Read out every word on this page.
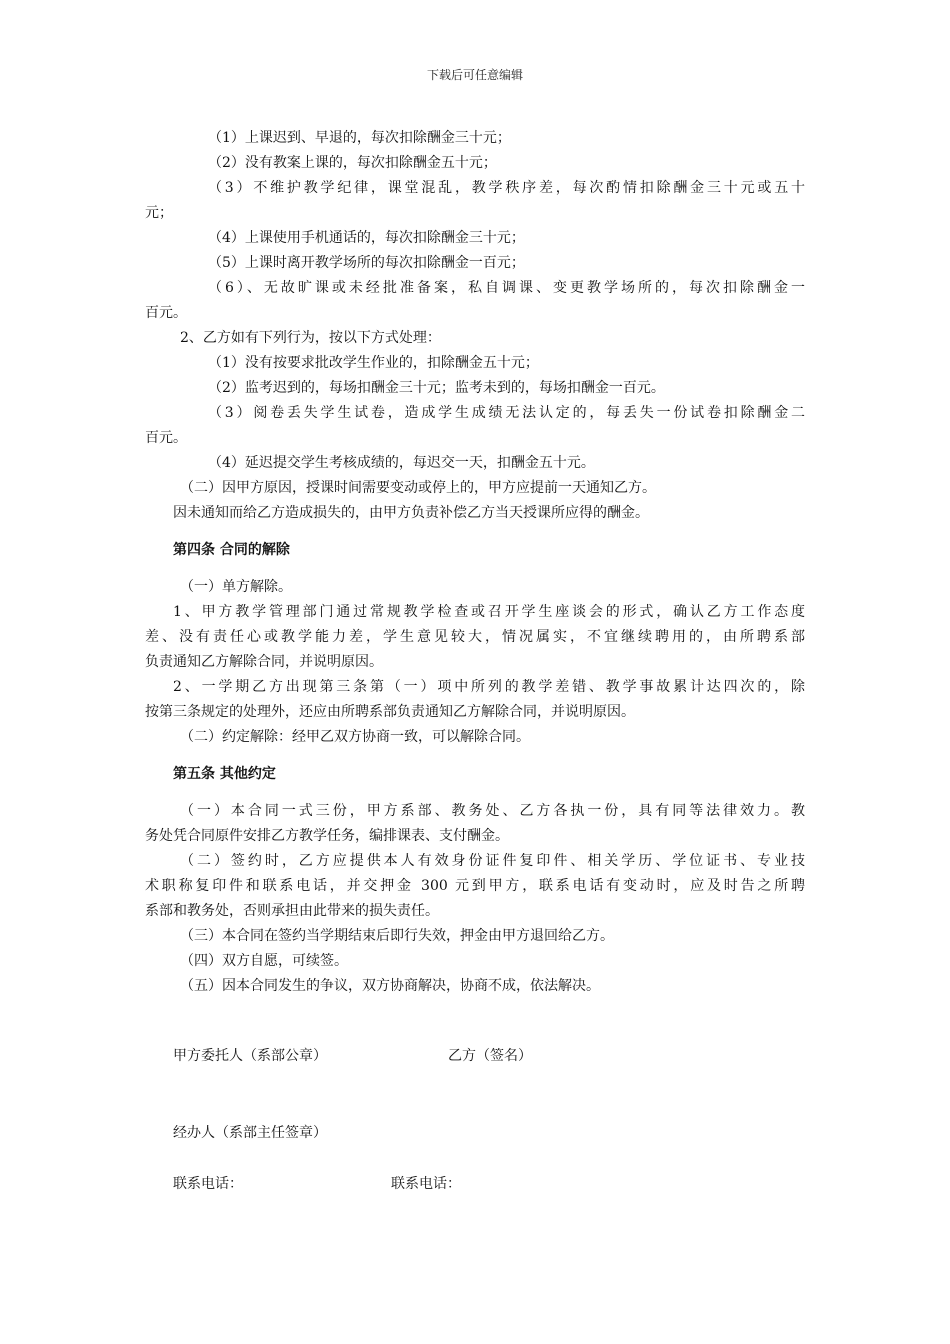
下载后可任意编辑
（1）上课迟到、早退的，每次扣除酬金三十元；
（2）没有教案上课的，每次扣除酬金五十元；
（3）不维护教学纪律，课堂混乱，教学秩序差，每次酌情扣除酬金三十元或五十
元；
（4）上课使用手机通话的，每次扣除酬金三十元；
（5）上课时离开教学场所的每次扣除酬金一百元；
（6）、无故旷课或未经批准备案，私自调课、变更教学场所的，每次扣除酬金一
百元。
2、乙方如有下列行为，按以下方式处理：
（1）没有按要求批改学生作业的，扣除酬金五十元；
（2）监考迟到的，每场扣酬金三十元；监考未到的，每场扣酬金一百元。
（3）阅卷丢失学生试卷，造成学生成绩无法认定的，每丢失一份试卷扣除酬金二
百元。
（4）延迟提交学生考核成绩的，每迟交一天，扣酬金五十元。
（二）因甲方原因，授课时间需要变动或停上的，甲方应提前一天通知乙方。
因未通知而给乙方造成损失的，由甲方负责补偿乙方当天授课所应得的酬金。
第四条 合同的解除
（一）单方解除。
1、甲方教学管理部门通过常规教学检查或召开学生座谈会的形式，确认乙方工作态度
差、没有责任心或教学能力差，学生意见较大，情况属实，不宜继续聘用的，由所聘系部
负责通知乙方解除合同，并说明原因。
2、一学期乙方出现第三条第（一）项中所列的教学差错、教学事故累计达四次的，除
按第三条规定的处理外，还应由所聘系部负责通知乙方解除合同，并说明原因。
（二）约定解除：经甲乙双方协商一致，可以解除合同。
第五条 其他约定
（一）本合同一式三份，甲方系部、教务处、乙方各执一份，具有同等法律效力。教
务处凭合同原件安排乙方教学任务，编排课表、支付酬金。
（二）签约时，乙方应提供本人有效身份证件复印件、相关学历、学位证书、专业技
术职称复印件和联系电话，并交押金 300 元到甲方，联系电话有变动时，应及时告之所聘
系部和教务处，否则承担由此带来的损失责任。
（三）本合同在签约当学期结束后即行失效，押金由甲方退回给乙方。
（四）双方自愿，可续签。
（五）因本合同发生的争议，双方协商解决，协商不成，依法解决。
甲方委托人（系部公章）	乙方（签名）
经办人（系部主任签章）
联系电话：	联系电话：
